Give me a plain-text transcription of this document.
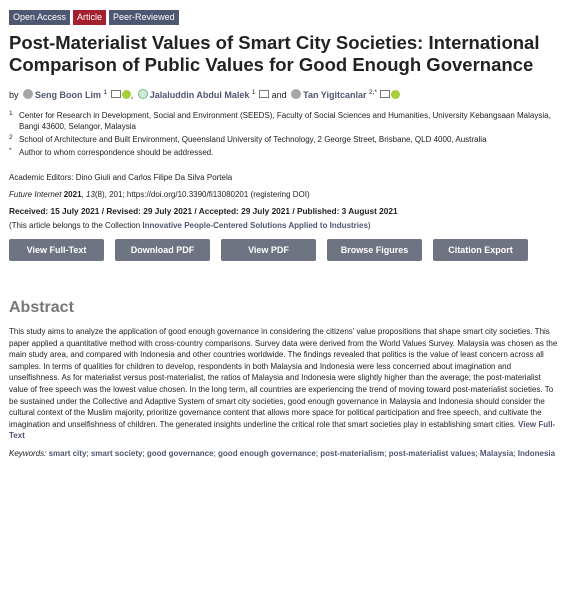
Open Access	Article	Peer-Reviewed
Post-Materialist Values of Smart City Societies: International Comparison of Public Values for Good Enough Governance
by Seng Boon Lim $^1$	, Jalaluddin Abdul Malek $^1$ and Tan Yigitcanlar $^{2,*}$
1 Center for Research in Development, Social and Environment (SEEDS), Faculty of Social Sciences and Humanities, University Kebangsaan Malaysia, Bangi 43600, Selangor, Malaysia
2 School of Architecture and Built Environment, Queensland University of Technology, 2 George Street, Brisbane, QLD 4000, Australia
* Author to whom correspondence should be addressed.
Academic Editors: Dino Giuli and Carlos Filipe Da Silva Portela
Future Internet 2021, 13(8), 201; https://doi.org/10.3390/fi13080201 (registering DOI)
Received: 15 July 2021 / Revised: 29 July 2021 / Accepted: 29 July 2021 / Published: 3 August 2021
(This article belongs to the Collection Innovative People-Centered Solutions Applied to Industries)
View Full-Text	Download PDF	View PDF	Browse Figures	Citation Export
Abstract
This study aims to analyze the application of good enough governance in considering the citizens' value propositions that shape smart city societies. This paper applied a quantitative method with cross-country comparisons. Survey data were derived from the World Values Survey. Malaysia was chosen as the main study area, and compared with Indonesia and other countries worldwide. The findings revealed that politics is the value of least concern across all samples. In terms of qualities for children to develop, respondents in both Malaysia and Indonesia were less concerned about imagination and unselfishness. As for materialist versus post-materialist, the ratios of Malaysia and Indonesia were slightly higher than the average; the post-materialist value of free speech was the lowest value chosen. In the long term, all countries are experiencing the trend of moving toward post-materialist societies. To be sustained under the Collective and Adaptive System of smart city societies, good enough governance in Malaysia and Indonesia should consider the cultural context of the Muslim majority, prioritize governance content that allows more space for political participation and free speech, and cultivate the imagination and unselfishness of children. The generated insights underline the critical role that smart societies play in establishing smart cities. View Full-Text
Keywords: smart city; smart society; good governance; good enough governance; post-materialism; post-materialist values; Malaysia; Indonesia
